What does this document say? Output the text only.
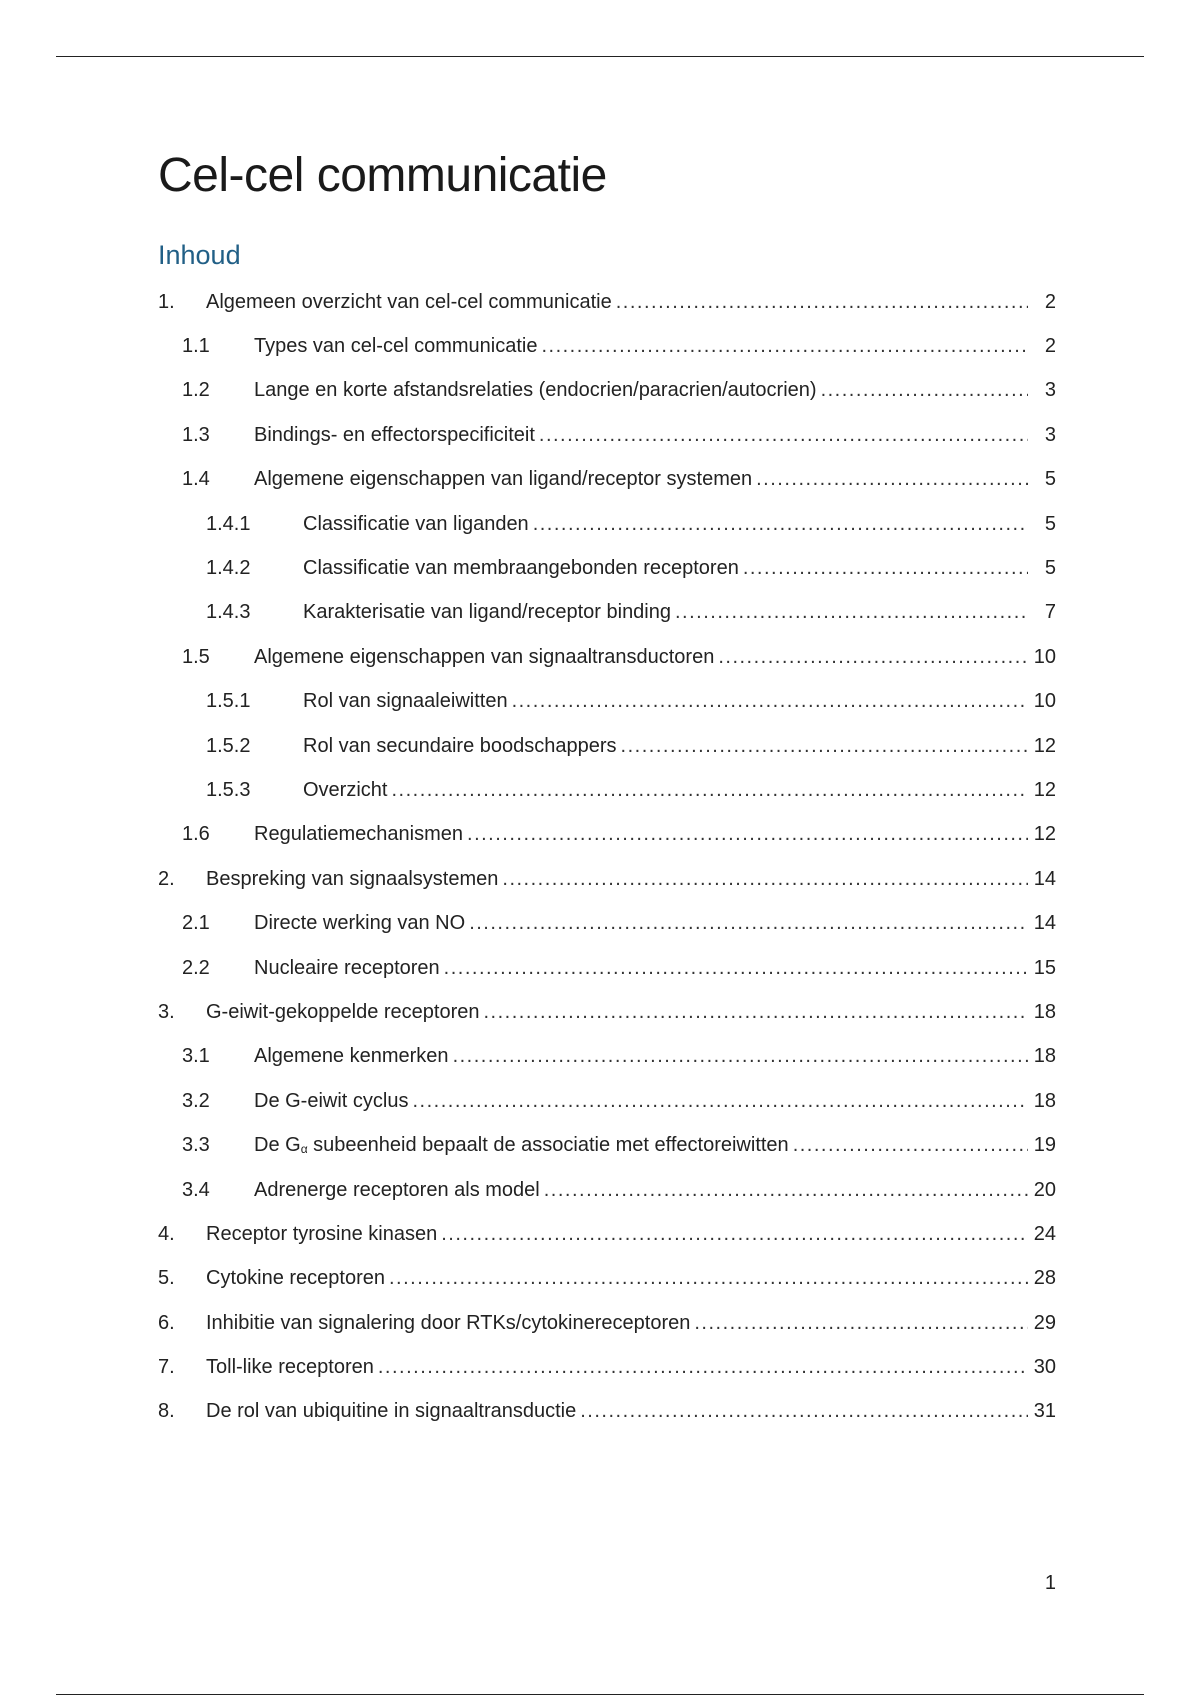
Cel-cel communicatie
Inhoud
1. Algemeen overzicht van cel-cel communicatie .....	2
1.1 Types van cel-cel communicatie .....	2
1.2 Lange en korte afstandsrelaties (endocrien/paracrien/autocrien) .....	3
1.3 Bindings- en effectorspecificiteit .....	3
1.4 Algemene eigenschappen van ligand/receptor systemen .....	5
1.4.1	Classificatie van liganden .....	5
1.4.2	Classificatie van membraangebonden receptoren .....	5
1.4.3	Karakterisatie van ligand/receptor binding .....	7
1.5 Algemene eigenschappen van signaaltransductoren .....	10
1.5.1	Rol van signaaleiwitten .....	10
1.5.2	Rol van secundaire boodschappers .....	12
1.5.3	Overzicht .....	12
1.6 Regulatiemechanismen .....	12
2. Bespreking van signaalsystemen .....	14
2.1 Directe werking van NO .....	14
2.2 Nucleaire receptoren .....	15
3. G-eiwit-gekoppelde receptoren .....	18
3.1 Algemene kenmerken .....	18
3.2 De G-eiwit cyclus .....	18
3.3 De $G_\alpha$ subeenheid bepaalt de associatie met effectoreiwitten .....	19
3.4 Adrenerge receptoren als model .....	20
4. Receptor tyrosine kinasen .....	24
5. Cytokine receptoren .....	28
6. Inhibitie van signalering door RTKs/cytokinereceptoren .....	29
7. Toll-like receptoren .....	30
8. De rol van ubiquitine in signaaltransductie .....	31
1
